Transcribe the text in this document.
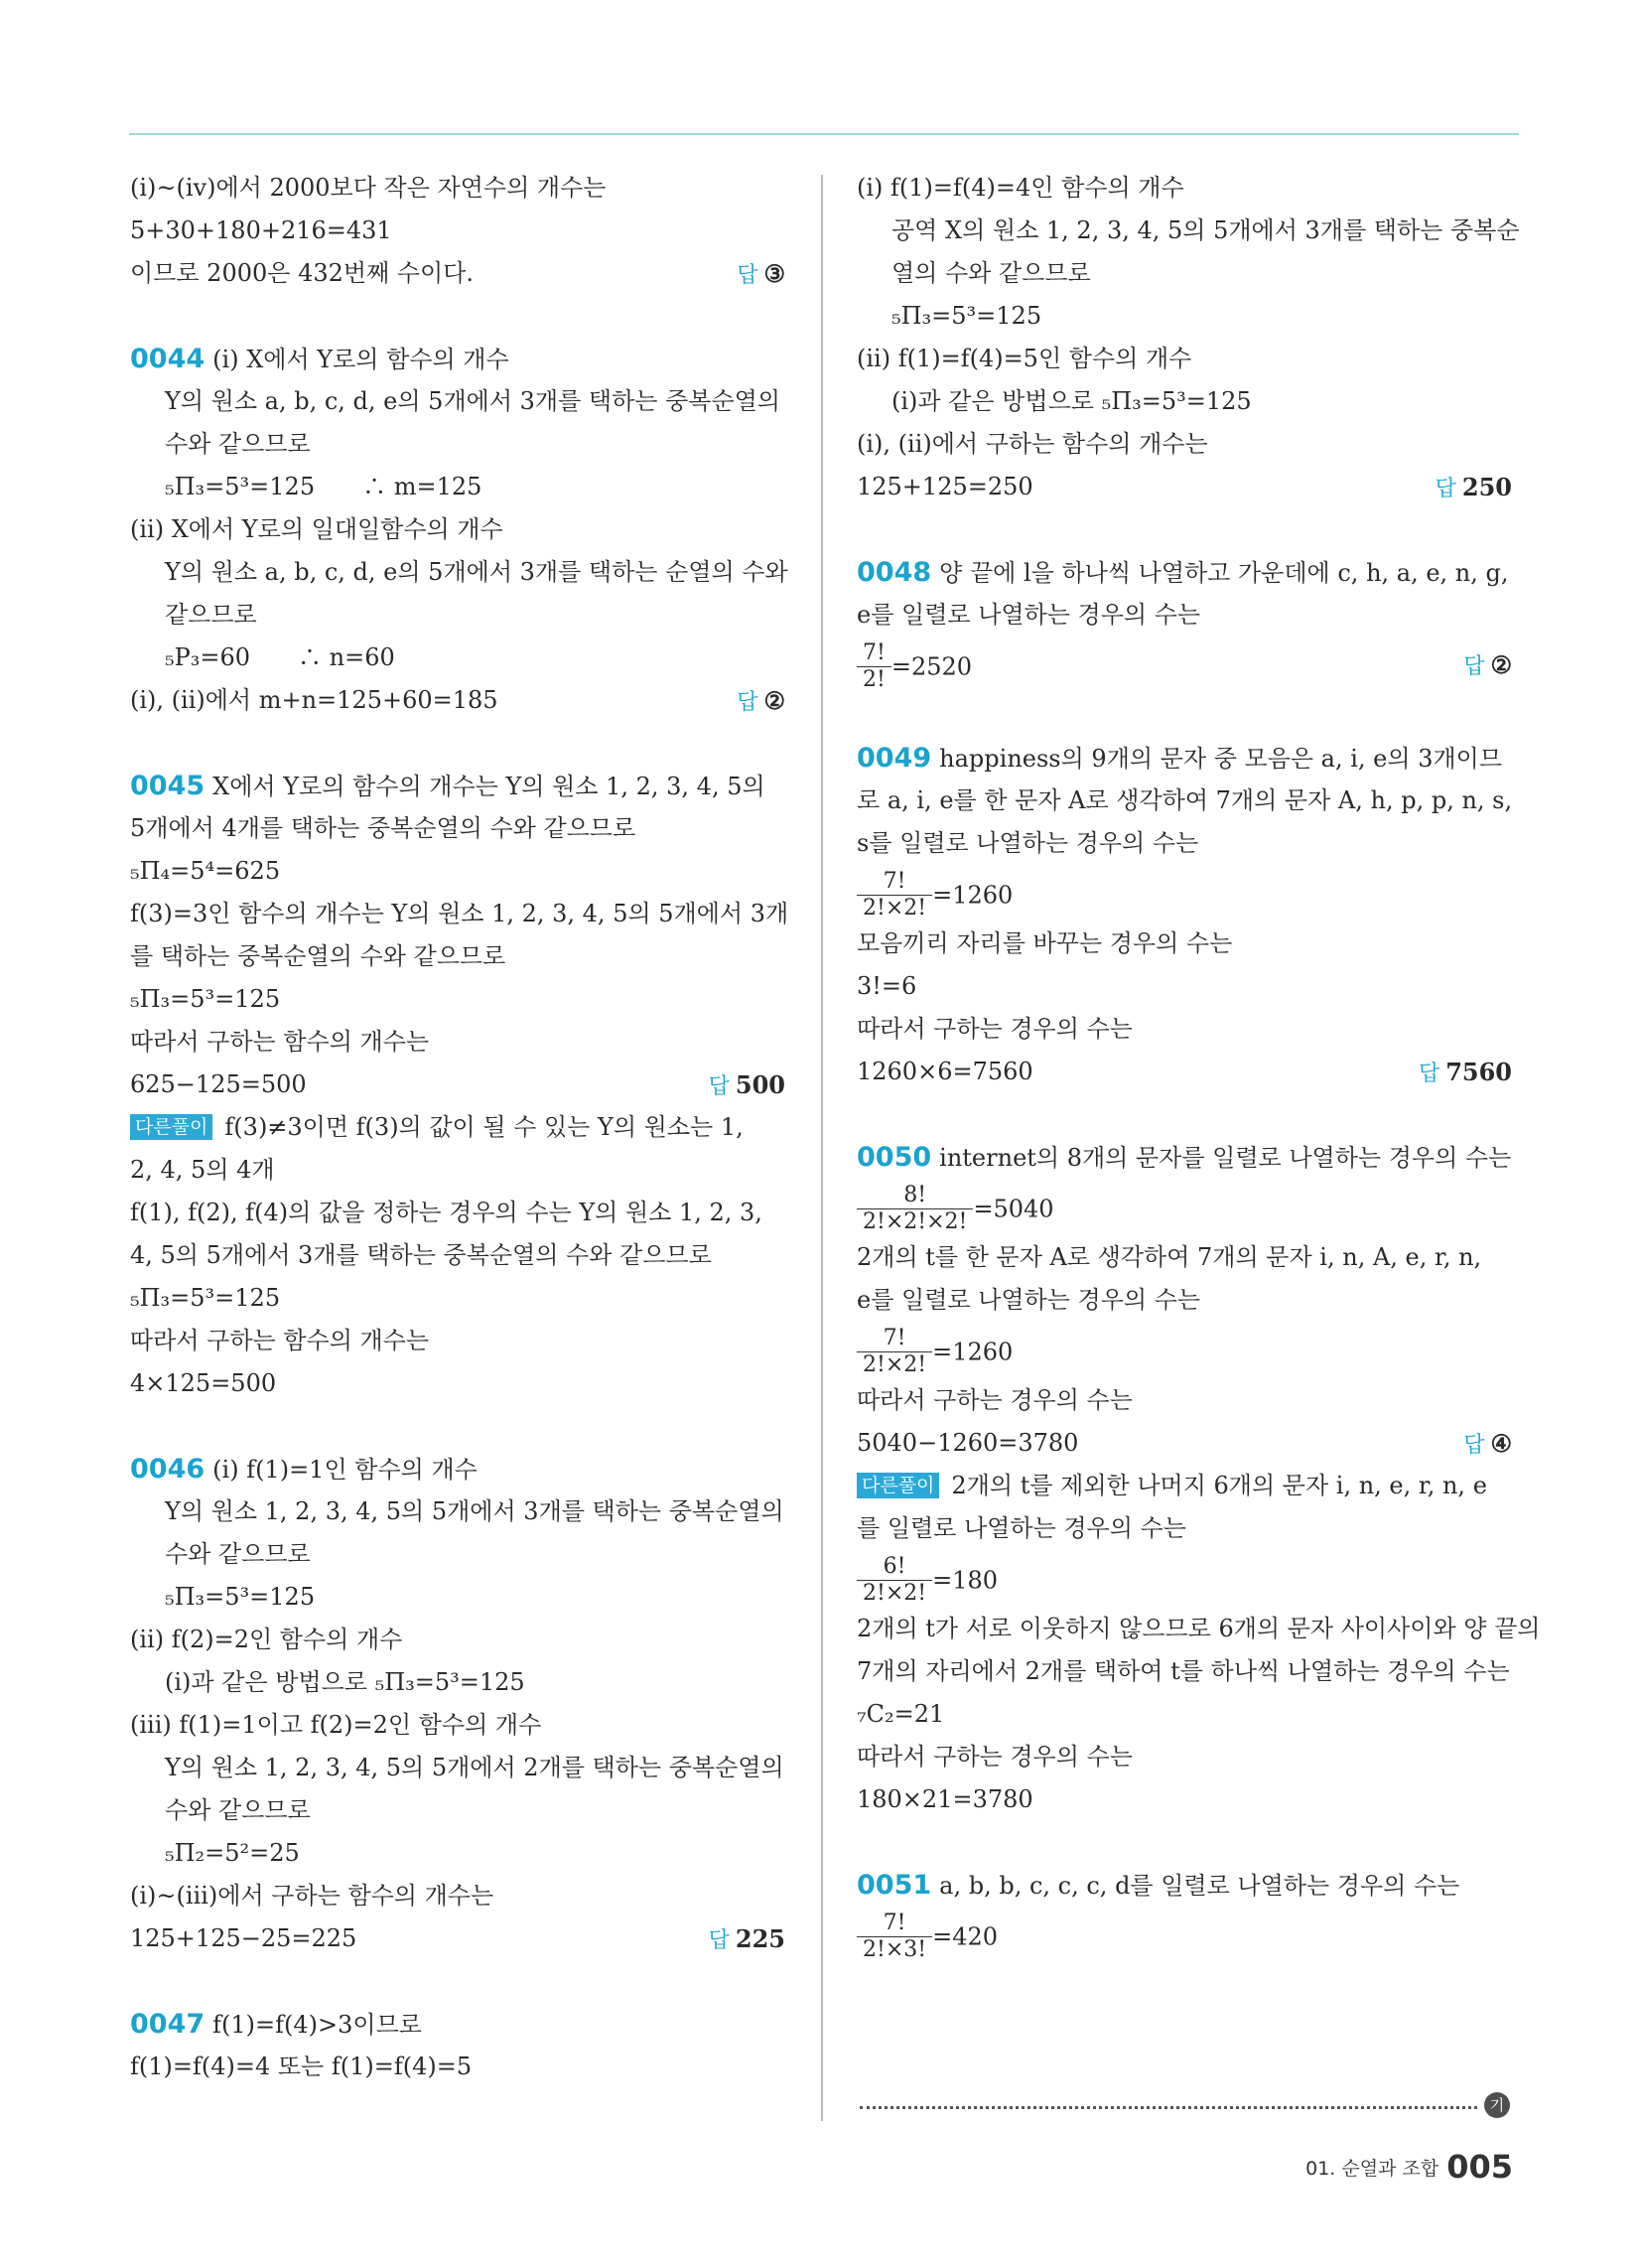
(ⅰ)~(ⅳ)에서 2000보다 작은 자연수의 개수는
5+30+180+216=431
이므로 2000은 432번째 수이다.	답 ③
0044 (ⅰ) X에서 Y로의 함수의 개수
Y의 원소 a, b, c, d, e의 5개에서 3개를 택하는 중복순열의
수와 같으므로
₅Π₃=5³=125　　∴ m=125
(ⅱ) X에서 Y로의 일대일함수의 개수
Y의 원소 a, b, c, d, e의 5개에서 3개를 택하는 순열의 수와
같으므로
₅P₃=60　　∴ n=60
(ⅰ), (ⅱ)에서 m+n=125+60=185	답 ②
0045 X에서 Y로의 함수의 개수는 Y의 원소 1, 2, 3, 4, 5의
5개에서 4개를 택하는 중복순열의 수와 같으므로
₅Π₄=5⁴=625
f(3)=3인 함수의 개수는 Y의 원소 1, 2, 3, 4, 5의 5개에서 3개
를 택하는 중복순열의 수와 같으므로
₅Π₃=5³=125
따라서 구하는 함수의 개수는
625−125=500	답 500
다른풀이 f(3)≠3이면 f(3)의 값이 될 수 있는 Y의 원소는 1,
2, 4, 5의 4개
f(1), f(2), f(4)의 값을 정하는 경우의 수는 Y의 원소 1, 2, 3,
4, 5의 5개에서 3개를 택하는 중복순열의 수와 같으므로
₅Π₃=5³=125
따라서 구하는 함수의 개수는
4×125=500
0046 (ⅰ) f(1)=1인 함수의 개수
Y의 원소 1, 2, 3, 4, 5의 5개에서 3개를 택하는 중복순열의
수와 같으므로
₅Π₃=5³=125
(ⅱ) f(2)=2인 함수의 개수
(ⅰ)과 같은 방법으로 ₅Π₃=5³=125
(ⅲ) f(1)=1이고 f(2)=2인 함수의 개수
Y의 원소 1, 2, 3, 4, 5의 5개에서 2개를 택하는 중복순열의
수와 같으므로
₅Π₂=5²=25
(ⅰ)~(ⅲ)에서 구하는 함수의 개수는
125+125−25=225	답 225
0047 f(1)=f(4)>3이므로
f(1)=f(4)=4 또는 f(1)=f(4)=5
(ⅰ) f(1)=f(4)=4인 함수의 개수
공역 X의 원소 1, 2, 3, 4, 5의 5개에서 3개를 택하는 중복순
열의 수와 같으므로
₅Π₃=5³=125
(ⅱ) f(1)=f(4)=5인 함수의 개수
(ⅰ)과 같은 방법으로 ₅Π₃=5³=125
(ⅰ), (ⅱ)에서 구하는 함수의 개수는
125+125=250	답 250
0048 양 끝에 l을 하나씩 나열하고 가운데에 c, h, a, e, n, g,
e를 일렬로 나열하는 경우의 수는
$\frac{7!}{2!} =2520$	답 ②
0049 happiness의 9개의 문자 중 모음은 a, i, e의 3개이므
로 a, i, e를 한 문자 A로 생각하여 7개의 문자 A, h, p, p, n, s,
s를 일렬로 나열하는 경우의 수는
$\frac{7!}{2!\times 2!} =1260$
모음끼리 자리를 바꾸는 경우의 수는
3!=6
따라서 구하는 경우의 수는
1260×6=7560	답 7560
0050 internet의 8개의 문자를 일렬로 나열하는 경우의 수는
$\frac{8!}{2!\times 2!\times 2!} =5040$
2개의 t를 한 문자 A로 생각하여 7개의 문자 i, n, A, e, r, n,
e를 일렬로 나열하는 경우의 수는
$\frac{7!}{2!\times 2!} =1260$
따라서 구하는 경우의 수는
5040−1260=3780	답 ④
다른풀이 2개의 t를 제외한 나머지 6개의 문자 i, n, e, r, n, e
를 일렬로 나열하는 경우의 수는
$\frac{6!}{2!\times 2!} =180$
2개의 t가 서로 이웃하지 않으므로 6개의 문자 사이사이와 양 끝의
7개의 자리에서 2개를 택하여 t를 하나씩 나열하는 경우의 수는
₇C₂=21
따라서 구하는 경우의 수는
180×21=3780
0051 a, b, b, c, c, c, d를 일렬로 나열하는 경우의 수는
$\frac{7!}{2!\times 3!} =420$
기
01. 순열과 조합 005
